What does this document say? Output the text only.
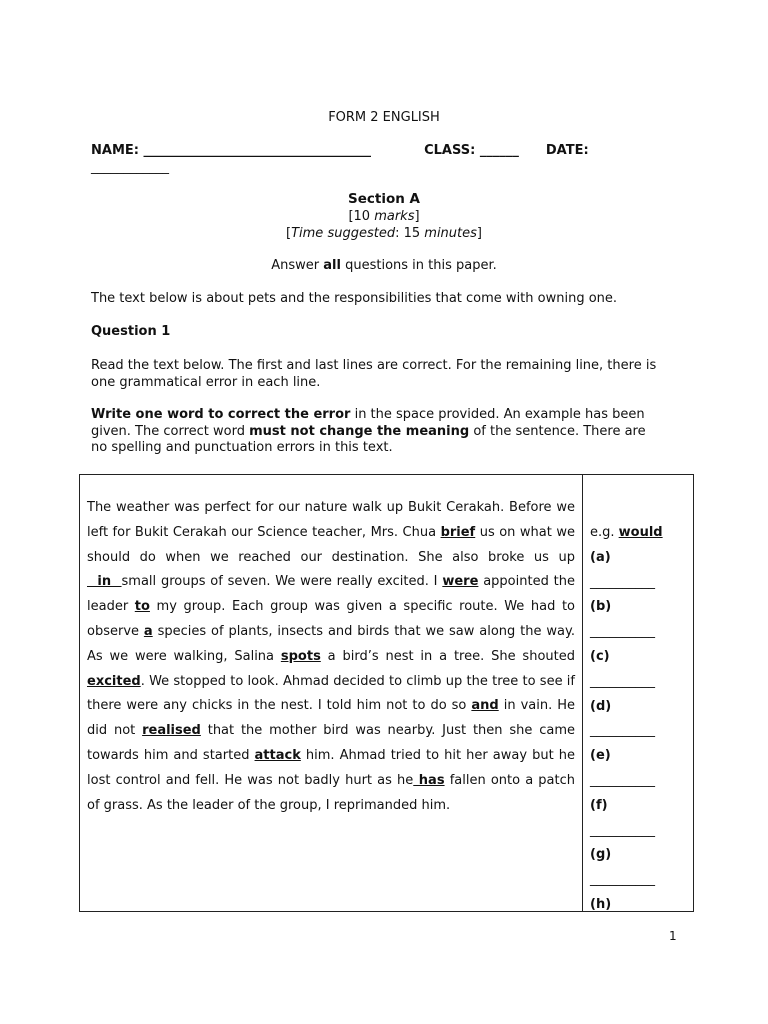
FORM 2 ENGLISH
NAME: ___________________________________	CLASS: ______ DATE:
____________
Section A
[10 marks]
[Time suggested: 15 minutes]
Answer all questions in this paper.
The text below is about pets and the responsibilities that come with owning one.
Question 1
Read the text below. The first and last lines are correct. For the remaining line, there is one grammatical error in each line.
Write one word to correct the error in the space provided. An example has been given. The correct word must not change the meaning of the sentence. There are no spelling and punctuation errors in this text.
The weather was perfect for our nature walk up Bukit Cerakah. Before we left for Bukit Cerakah our Science teacher, Mrs. Chua brief us on what we should do when we reached our destination. She also broke us up  in  small groups of seven. We were really excited. I were appointed the leader to my group. Each group was given a specific route. We had to observe a species of plants, insects and birds that we saw along the way. As we were walking, Salina spots a bird’s nest in a tree. She shouted excited. We stopped to look. Ahmad decided to climb up the tree to see if there were any chicks in the nest. I told him not to do so and in vain. He did not realised that the mother bird was nearby. Just then she came towards him and started attack him. Ahmad tried to hit her away but he lost control and fell. He was not badly hurt as he has fallen onto a patch of grass. As the leader of the group, I reprimanded him.
e.g. would
(a)
__________
(b)
__________
(c)
__________
(d)
__________
(e)
__________
(f)
__________
(g)
__________
(h)
1
